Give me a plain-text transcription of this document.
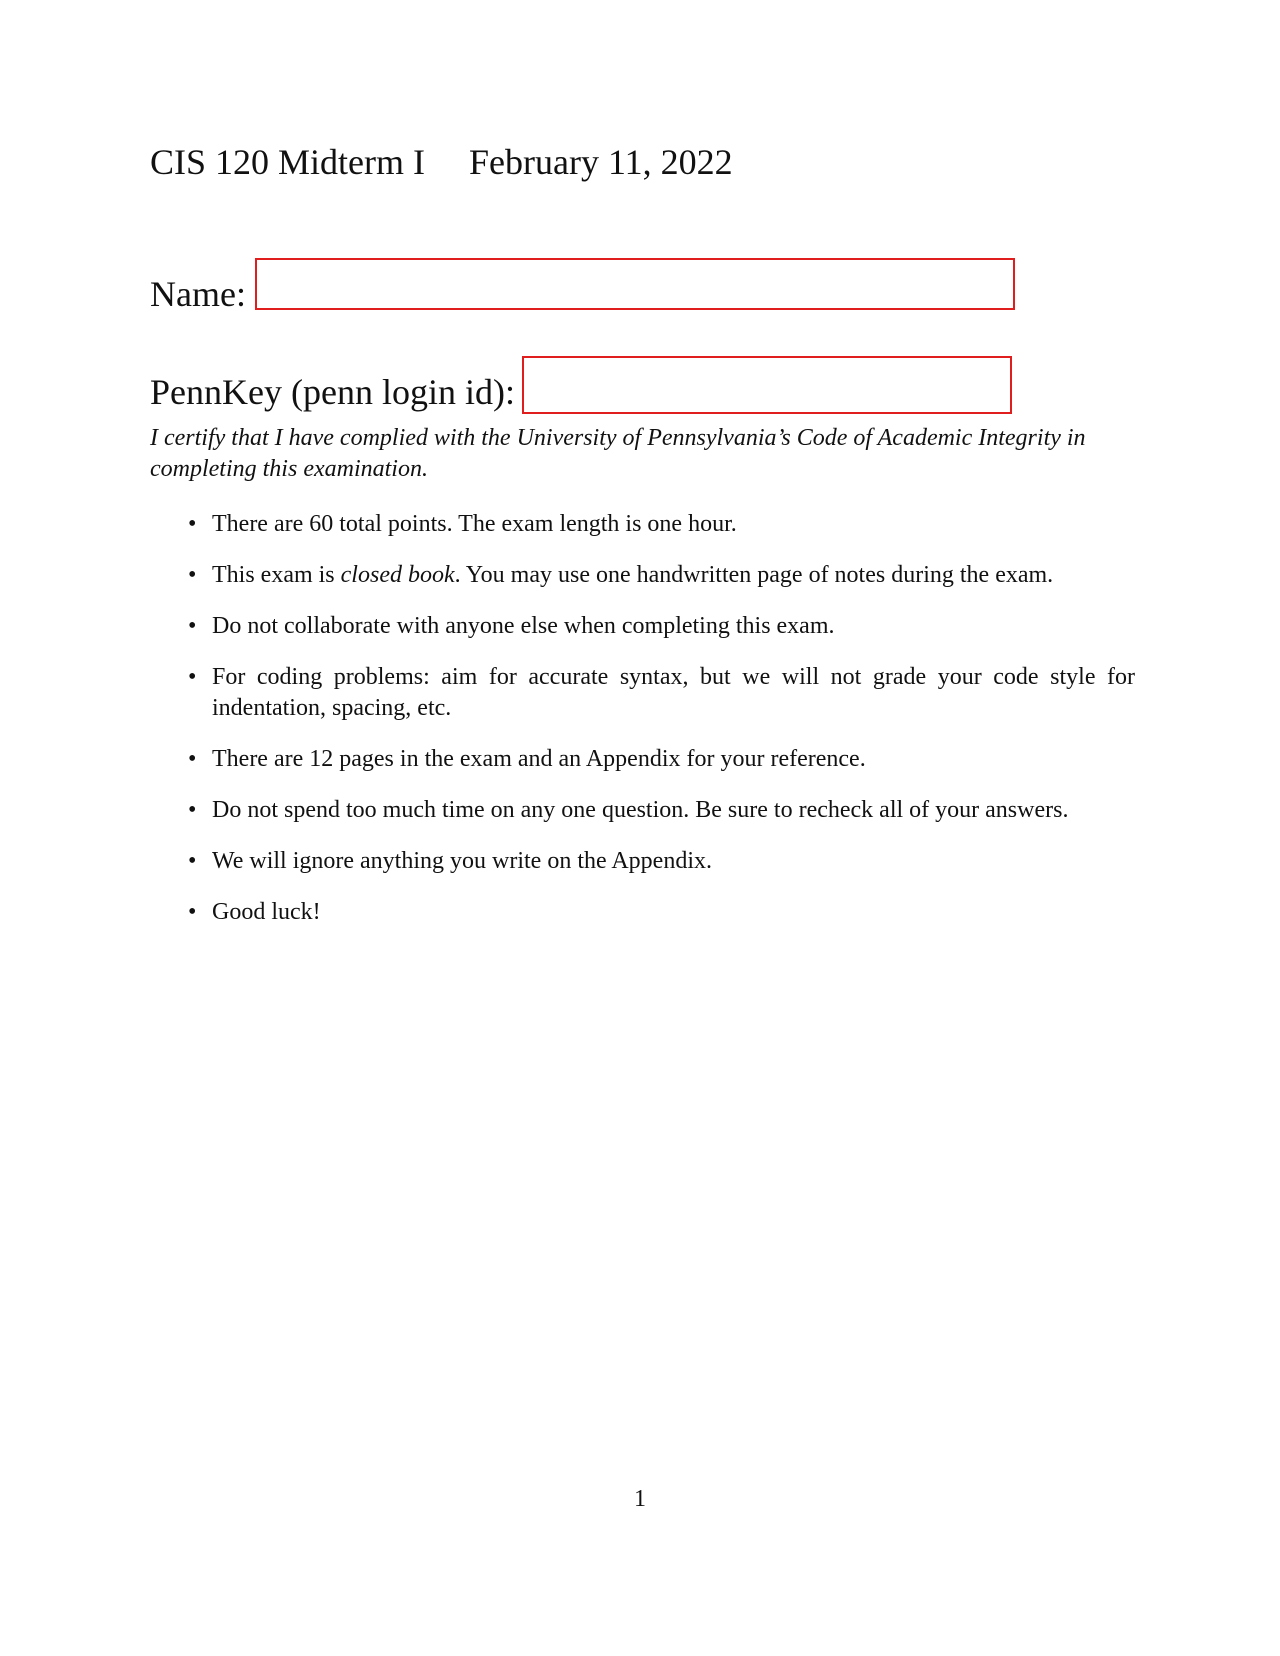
CIS 120 Midterm I February 11, 2022
Name:
PennKey (penn login id):
I certify that I have complied with the University of Pennsylvania’s Code of Academic Integrity in completing this examination.
• There are 60 total points. The exam length is one hour.
• This exam is closed book. You may use one handwritten page of notes during the exam.
• Do not collaborate with anyone else when completing this exam.
• For coding problems: aim for accurate syntax, but we will not grade your code style for indentation, spacing, etc.
• There are 12 pages in the exam and an Appendix for your reference.
• Do not spend too much time on any one question. Be sure to recheck all of your answers.
• We will ignore anything you write on the Appendix.
• Good luck!
1
